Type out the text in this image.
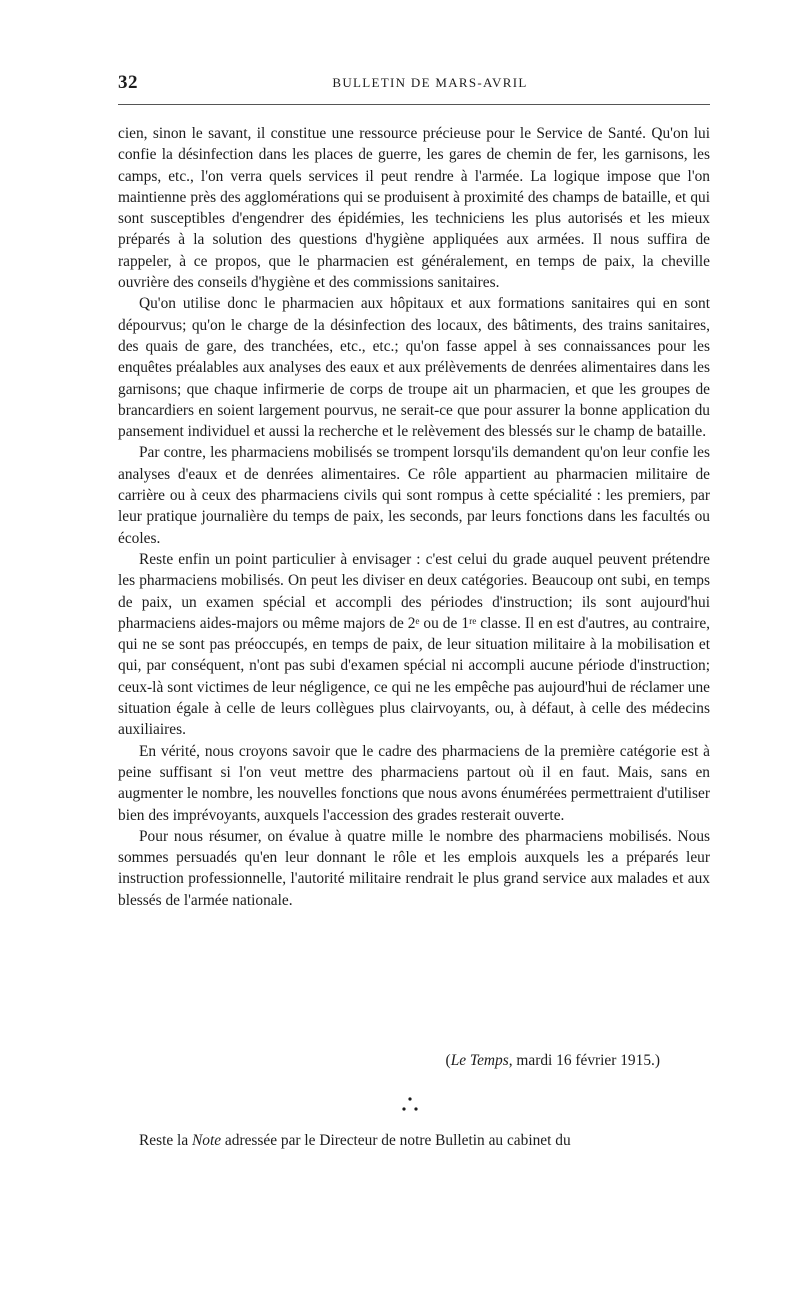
32	BULLETIN DE MARS-AVRIL

cien, sinon le savant, il constitue une ressource précieuse pour le Service de Santé. Qu'on lui confie la désinfection dans les places de guerre, les gares de chemin de fer, les garnisons, les camps, etc., l'on verra quels services il peut rendre à l'armée. La logique impose que l'on maintienne près des agglomérations qui se produisent à proximité des champs de bataille, et qui sont susceptibles d'engendrer des épidémies, les techniciens les plus autorisés et les mieux préparés à la solution des questions d'hygiène appliquées aux armées. Il nous suffira de rappeler, à ce propos, que le pharmacien est généralement, en temps de paix, la cheville ouvrière des conseils d'hygiène et des commissions sanitaires.

Qu'on utilise donc le pharmacien aux hôpitaux et aux formations sanitaires qui en sont dépourvus; qu'on le charge de la désinfection des locaux, des bâtiments, des trains sanitaires, des quais de gare, des tranchées, etc., etc.; qu'on fasse appel à ses connaissances pour les enquêtes préalables aux analyses des eaux et aux prélèvements de denrées alimentaires dans les garnisons; que chaque infirmerie de corps de troupe ait un pharmacien, et que les groupes de brancardiers en soient largement pourvus, ne serait-ce que pour assurer la bonne application du pansement individuel et aussi la recherche et le relèvement des blessés sur le champ de bataille.

Par contre, les pharmaciens mobilisés se trompent lorsqu'ils demandent qu'on leur confie les analyses d'eaux et de denrées alimentaires. Ce rôle appartient au pharmacien militaire de carrière ou à ceux des pharmaciens civils qui sont rompus à cette spécialité : les premiers, par leur pratique journalière du temps de paix, les seconds, par leurs fonctions dans les facultés ou écoles.

Reste enfin un point particulier à envisager : c'est celui du grade auquel peuvent prétendre les pharmaciens mobilisés. On peut les diviser en deux catégories. Beaucoup ont subi, en temps de paix, un examen spécial et accompli des périodes d'instruction; ils sont aujourd'hui pharmaciens aides-majors ou même majors de 2ᵉ ou de 1ʳᵉ classe. Il en est d'autres, au contraire, qui ne se sont pas préoccupés, en temps de paix, de leur situation militaire à la mobilisation et qui, par conséquent, n'ont pas subi d'examen spécial ni accompli aucune période d'instruction; ceux-là sont victimes de leur négligence, ce qui ne les empêche pas aujourd'hui de réclamer une situation égale à celle de leurs collègues plus clairvoyants, ou, à défaut, à celle des médecins auxiliaires.

En vérité, nous croyons savoir que le cadre des pharmaciens de la première catégorie est à peine suffisant si l'on veut mettre des pharmaciens partout où il en faut. Mais, sans en augmenter le nombre, les nouvelles fonctions que nous avons énumérées permettraient d'utiliser bien des imprévoyants, auxquels l'accession des grades resterait ouverte.

Pour nous résumer, on évalue à quatre mille le nombre des pharmaciens mobilisés. Nous sommes persuadés qu'en leur donnant le rôle et les emplois auxquels les a préparés leur instruction professionnelle, l'autorité militaire rendrait le plus grand service aux malades et aux blessés de l'armée nationale.

(Le Temps, mardi 16 février 1915.)
Reste la Note adressée par le Directeur de notre Bulletin au cabinet du
